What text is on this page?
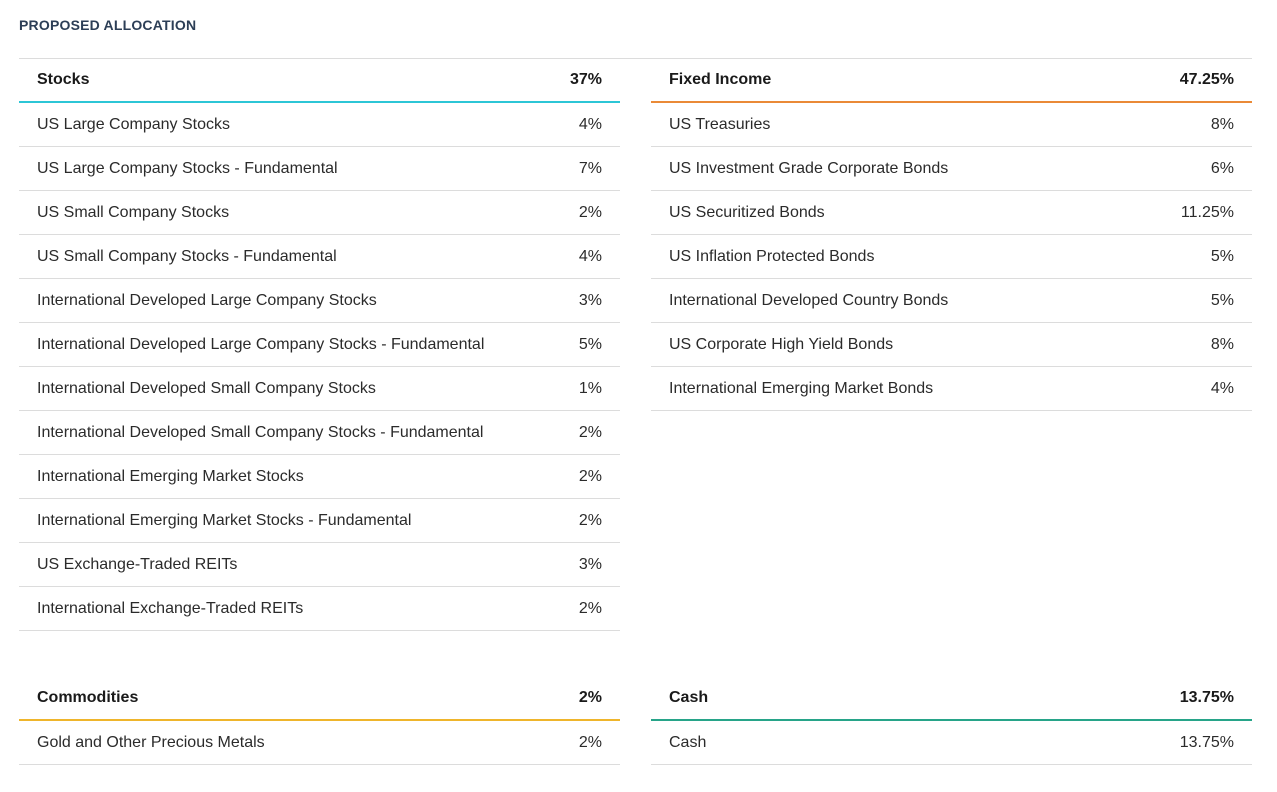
PROPOSED ALLOCATION
Stocks	37%
US Large Company Stocks	4%
US Large Company Stocks - Fundamental	7%
US Small Company Stocks	2%
US Small Company Stocks - Fundamental	4%
International Developed Large Company Stocks	3%
International Developed Large Company Stocks - Fundamental	5%
International Developed Small Company Stocks	1%
International Developed Small Company Stocks - Fundamental	2%
International Emerging Market Stocks	2%
International Emerging Market Stocks - Fundamental	2%
US Exchange-Traded REITs	3%
International Exchange-Traded REITs	2%
Fixed Income	47.25%
US Treasuries	8%
US Investment Grade Corporate Bonds	6%
US Securitized Bonds	11.25%
US Inflation Protected Bonds	5%
International Developed Country Bonds	5%
US Corporate High Yield Bonds	8%
International Emerging Market Bonds	4%
Commodities	2%
Gold and Other Precious Metals	2%
Cash	13.75%
Cash	13.75%
